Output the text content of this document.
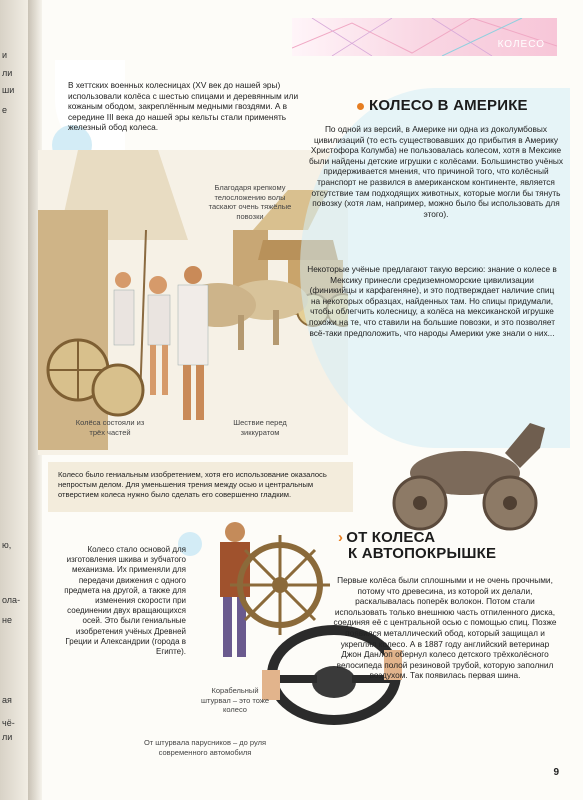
и
ли
ши
е
ю,
ола-
не
ая
чё-
ли
КОЛЕСО
В хеттских военных колесницах (XV век до нашей эры) использовали колёса с шестью спицами и деревянным или кожаным ободом, закреплённым медными гвоздями. А в середине III века до нашей эры кельты стали применять железный обод колеса.
Благодаря крепкому телосложению волы таскают очень тяжёлые повозки
Колёса состояли из трёх частей
Шествие перед зиккуратом
КОЛЕСО В АМЕРИКЕ
По одной из версий, в Америке ни одна из доколумбовых цивилизаций (то есть существовавших до прибытия в Америку Христофора Колумба) не пользовалась колесом, хотя в Мексике были найдены детские игрушки с колёсами. Большинство учёных придерживается мнения, что причиной того, что колёсный транспорт не развился в американском континенте, является отсутствие там подходящих животных, которые могли бы тянуть повозку (хотя лам, например, можно было бы использовать для этого).
Некоторые учёные предлагают такую версию: знание о колесе в Мексику принесли средиземноморские цивилизации (финикийцы и карфагеняне), и это подтверждает наличие спиц на некоторых образцах, найденных там. Но спицы придумали, чтобы облегчить колесницу, а колёса на мексиканской игрушке похожи на те, что ставили на большие повозки, и это позволяет всё-таки предположить, что народы Америки уже знали о них...
Колесо было гениальным изобретением, хотя его использование оказалось непростым делом. Для уменьшения трения между осью и центральным отверстием колеса нужно было сделать его совершенно гладким.
Колесо стало основой для изготовления шкива и зубчатого механизма. Их применяли для передачи движения с одного предмета на другой, а также для изменения скорости при соединении двух вращающихся осей. Это были гениальные изобретения учёных Древней Греции и Александрии (города в Египте).
Корабельный штурвал – это тоже колесо
От штурвала парусников – до руля современного автомобиля
› ОТ КОЛЕСА
К АВТОПОКРЫШКЕ
Первые колёса были сплошными и не очень прочными, потому что древесина, из которой их делали, раскалывалась поперёк волокон. Потом стали использовать только внешнюю часть отпиленного диска, соединяя её с центральной осью с помощью спиц. Позже появился металлический обод, который защищал и укреплял колесо. А в 1887 году английский ветеринар Джон Данлоп обернул колесо детского трёхколёсного велосипеда полой резиновой трубой, которую заполнил воздухом. Так появилась первая шина.
9
